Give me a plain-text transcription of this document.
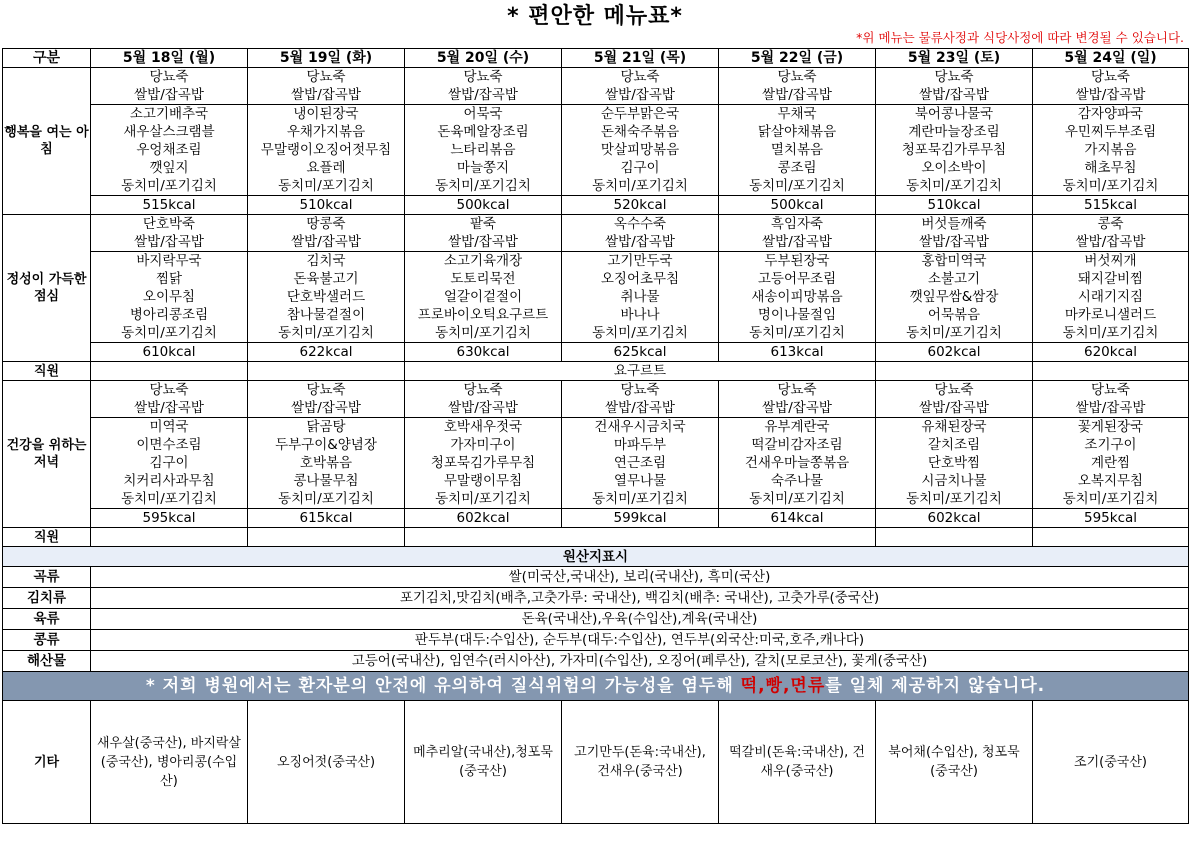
* 편안한 메뉴표*
*위 메뉴는 물류사정과 식당사정에 따라 변경될 수 있습니다.
구분	5월 18일 (월)	5월 19일 (화)	5월 20일 (수)	5월 21일 (목)	5월 22일 (금)	5월 23일 (토)	5월 24일 (일)	
행복을 여는 아침	당뇨죽	당뇨죽	당뇨죽	당뇨죽	당뇨죽	당뇨죽	당뇨죽	
	쌀밥/잡곡밥	쌀밥/잡곡밥	쌀밥/잡곡밥	쌀밥/잡곡밥	쌀밥/잡곡밥	쌀밥/잡곡밥	쌀밥/잡곡밥	
	소고기배추국	냉이된장국	어묵국	순두부맑은국	무채국	북어콩나물국	감자양파국	
	새우살스크램블	우채가지볶음	돈육메알장조림	돈채숙주볶음	닭살야채볶음	계란마늘장조림	우민찌두부조림	
	우엉채조림	무말랭이오징어젓무침	느타리볶음	맛살피망볶음	멸치볶음	청포묵김가루무침	가지볶음	
	깻잎지	요플레	마늘쫑지	김구이	콩조림	오이소박이	해초무침	
	동치미/포기김치	동치미/포기김치	동치미/포기김치	동치미/포기김치	동치미/포기김치	동치미/포기김치	동치미/포기김치	
	515kcal	510kcal	500kcal	520kcal	500kcal	510kcal	515kcal	
정성이 가득한 점심	단호박죽	땅콩죽	팥죽	옥수수죽	흑임자죽	버섯들깨죽	콩죽	
	쌀밥/잡곡밥	쌀밥/잡곡밥	쌀밥/잡곡밥	쌀밥/잡곡밥	쌀밥/잡곡밥	쌀밥/잡곡밥	쌀밥/잡곡밥	
	바지락무국	김치국	소고기육개장	고기만두국	두부된장국	홍합미역국	버섯찌개	
	찜닭	돈육불고기	도토리묵전	오징어초무침	고등어무조림	소불고기	돼지갈비찜	
	오이무침	단호박샐러드	얼갈이겉절이	취나물	새송이피망볶음	깻잎무쌈&쌈장	시래기지짐	
	병아리콩조림	참나물겉절이	프로바이오틱요구르트	바나나	명이나물절임	어묵볶음	마카로니샐러드	
	동치미/포기김치	동치미/포기김치	동치미/포기김치	동치미/포기김치	동치미/포기김치	동치미/포기김치	동치미/포기김치	
	610kcal	622kcal	630kcal	625kcal	613kcal	602kcal	620kcal	
직원			요구르트					
건강을 위하는 저녁	당뇨죽	당뇨죽	당뇨죽	당뇨죽	당뇨죽	당뇨죽	당뇨죽	
	쌀밥/잡곡밥	쌀밥/잡곡밥	쌀밥/잡곡밥	쌀밥/잡곡밥	쌀밥/잡곡밥	쌀밥/잡곡밥	쌀밥/잡곡밥	
	미역국	닭곰탕	호박새우젓국	건새우시금치국	유부계란국	유채된장국	꽃게된장국	
	이면수조림	두부구이&양념장	가자미구이	마파두부	떡갈비감자조림	갈치조림	조기구이	
	김구이	호박볶음	청포묵김가루무침	연근조림	건새우마늘쫑볶음	단호박찜	계란찜	
	치커리사과무침	콩나물무침	무말랭이무침	열무나물	숙주나물	시금치나물	오복지무침	
	동치미/포기김치	동치미/포기김치	동치미/포기김치	동치미/포기김치	동치미/포기김치	동치미/포기김치	동치미/포기김치	
	595kcal	615kcal	602kcal	599kcal	614kcal	602kcal	595kcal	
직원								
원산지표시								
곡류	쌀(미국산,국내산), 보리(국내산), 흑미(국산)							
김치류	포기김치,맛김치(배추,고춧가루: 국내산), 백김치(배추: 국내산), 고춧가루(중국산)							
육류	돈육(국내산),우육(수입산),계육(국내산)							
콩류	판두부(대두:수입산), 순두부(대두:수입산), 연두부(외국산:미국,호주,캐나다)							
해산물	고등어(국내산), 임연수(러시아산), 가자미(수입산), 오징어(페루산), 갈치(모로코산), 꽃게(중국산)							
* 저희 병원에서는 환자분의 안전에 유의하여 질식위험의 가능성을 염두해 떡,빵,면류를 일체 제공하지 않습니다.								
기타	새우살(중국산), 바지락살(중국산), 병아리콩(수입산)	오징어젓(중국산)	메추리알(국내산),청포묵(중국산)	고기만두(돈육:국내산), 건새우(중국산)	떡갈비(돈육:국내산), 건새우(중국산)	북어채(수입산), 청포묵(중국산)	조기(중국산)	
